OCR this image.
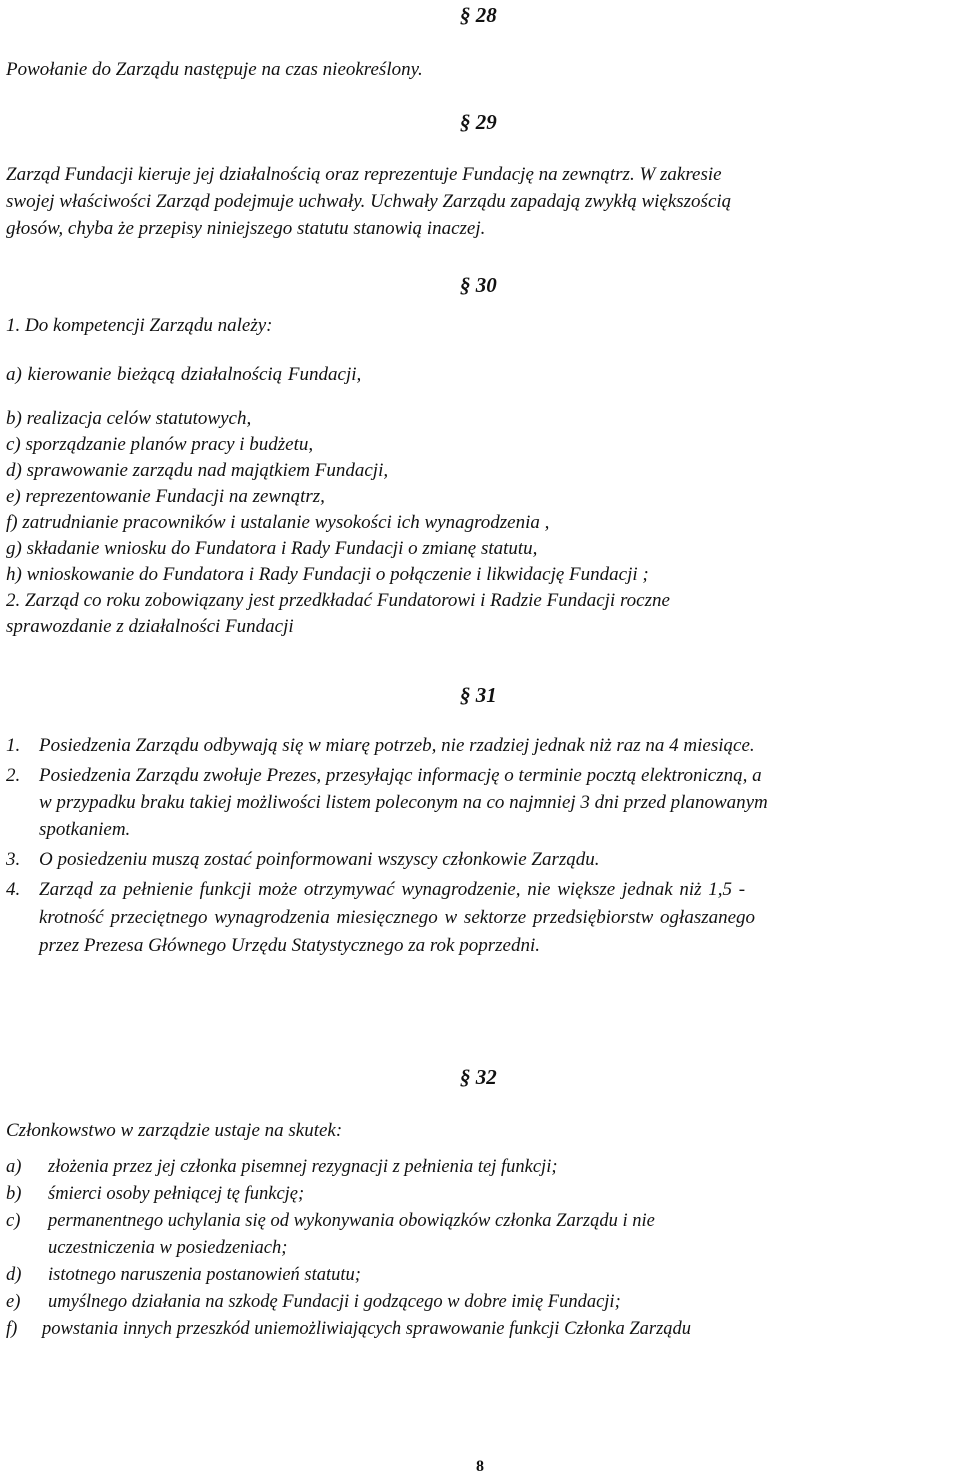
§ 28
Powołanie do Zarządu następuje na czas nieokreślony.
§ 29
Zarząd Fundacji kieruje jej działalnością oraz reprezentuje Fundację na zewnątrz. W zakresie
swojej właściwości Zarząd podejmuje uchwały. Uchwały Zarządu zapadają zwykłą większością
głosów, chyba że przepisy niniejszego statutu stanowią inaczej.
§ 30
1. Do kompetencji Zarządu należy:
a) kierowanie bieżącą działalnością Fundacji,
b) realizacja celów statutowych,
c) sporządzanie planów pracy i budżetu,
d) sprawowanie zarządu nad majątkiem Fundacji,
e) reprezentowanie Fundacji na zewnątrz,
f) zatrudnianie pracowników i ustalanie wysokości ich wynagrodzenia ,
g) składanie wniosku do Fundatora i Rady Fundacji o zmianę statutu,
h) wnioskowanie do Fundatora i Rady Fundacji o połączenie i likwidację Fundacji ;
2. Zarząd co roku zobowiązany jest przedkładać Fundatorowi i Radzie Fundacji roczne
sprawozdanie z działalności Fundacji
§ 31
1. Posiedzenia Zarządu odbywają się w miarę potrzeb, nie rzadziej jednak niż raz na 4 miesiące.
2. Posiedzenia Zarządu zwołuje Prezes, przesyłając informację o terminie pocztą elektroniczną, a
w przypadku braku takiej możliwości listem poleconym na co najmniej 3 dni przed planowanym
spotkaniem.
3. O posiedzeniu muszą zostać poinformowani wszyscy członkowie Zarządu.
4. Zarząd za pełnienie funkcji może otrzymywać wynagrodzenie, nie większe jednak niż 1,5 -
krotność przeciętnego wynagrodzenia miesięcznego w sektorze przedsiębiorstw ogłaszanego
przez Prezesa Głównego Urzędu Statystycznego za rok poprzedni.
§ 32
Członkowstwo w zarządzie ustaje na skutek:
a) złożenia przez jej członka pisemnej rezygnacji z pełnienia tej funkcji;
b) śmierci osoby pełniącej tę funkcję;
c) permanentnego uchylania się od wykonywania obowiązków członka Zarządu i nie
uczestniczenia w posiedzeniach;
d) istotnego naruszenia postanowień statutu;
e) umyślnego działania na szkodę Fundacji i godzącego w dobre imię Fundacji;
f) powstania innych przeszkód uniemożliwiających sprawowanie funkcji Członka Zarządu
8
